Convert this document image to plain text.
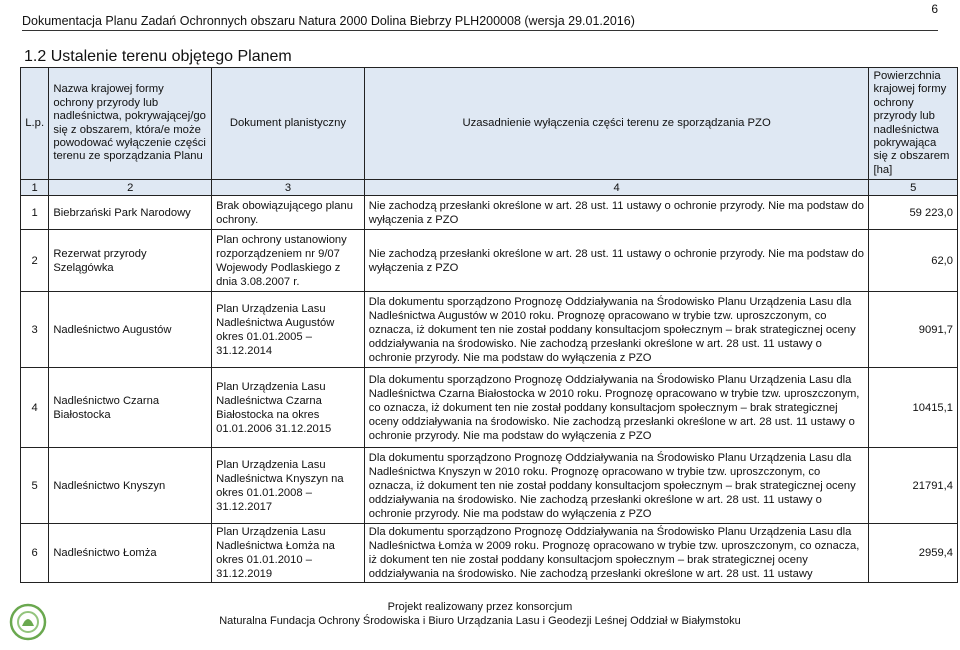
Dokumentacja Planu Zadań Ochronnych obszaru Natura 2000 Dolina Biebrzy PLH200008 (wersja 29.01.2016)
6
1.2 Ustalenie terenu objętego Planem
L.p.	Nazwa krajowej formy ochrony przyrody lub nadleśnictwa, pokrywającej/go się z obszarem, która/e może powodować wyłączenie części terenu ze sporządzania Planu	Dokument planistyczny	Uzasadnienie wyłączenia części terenu ze sporządzania PZO	Powierzchnia krajowej formy ochrony przyrody lub nadleśnictwa pokrywająca się z obszarem [ha]
1	2	3	4	5
1	Biebrzański Park Narodowy	Brak obowiązującego planu ochrony.	Nie zachodzą przesłanki określone w art. 28 ust. 11 ustawy o ochronie przyrody. Nie ma podstaw do wyłączenia z PZO	59 223,0
2	Rezerwat przyrody Szelągówka	Plan ochrony ustanowiony rozporządzeniem nr 9/07 Wojewody Podlaskiego z dnia 3.08.2007 r.	Nie zachodzą przesłanki określone w art. 28 ust. 11 ustawy o ochronie przyrody. Nie ma podstaw do wyłączenia z PZO	62,0
3	Nadleśnictwo Augustów	Plan Urządzenia Lasu Nadleśnictwa Augustów okres 01.01.2005 – 31.12.2014	Dla dokumentu sporządzono Prognozę Oddziaływania na Środowisko Planu Urządzenia Lasu dla Nadleśnictwa Augustów w 2010 roku. Prognozę opracowano w trybie tzw. uproszczonym, co oznacza, iż dokument ten nie został poddany konsultacjom społecznym – brak strategicznej oceny oddziaływania na środowisko. Nie zachodzą przesłanki określone w art. 28 ust. 11 ustawy o ochronie przyrody. Nie ma podstaw do wyłączenia z PZO	9091,7
4	Nadleśnictwo Czarna Białostocka	Plan Urządzenia Lasu Nadleśnictwa Czarna Białostocka na okres 01.01.2006 31.12.2015	Dla dokumentu sporządzono Prognozę Oddziaływania na Środowisko Planu Urządzenia Lasu dla Nadleśnictwa Czarna Białostocka w 2010 roku. Prognozę opracowano w trybie tzw. uproszczonym, co oznacza, iż dokument ten nie został poddany konsultacjom społecznym – brak strategicznej oceny oddziaływania na środowisko. Nie zachodzą przesłanki określone w art. 28 ust. 11 ustawy o ochronie przyrody. Nie ma podstaw do wyłączenia z PZO	10415,1
5	Nadleśnictwo Knyszyn	Plan Urządzenia Lasu Nadleśnictwa Knyszyn na okres 01.01.2008 – 31.12.2017	Dla dokumentu sporządzono Prognozę Oddziaływania na Środowisko Planu Urządzenia Lasu dla Nadleśnictwa Knyszyn w 2010 roku. Prognozę opracowano w trybie tzw. uproszczonym, co oznacza, iż dokument ten nie został poddany konsultacjom społecznym – brak strategicznej oceny oddziaływania na środowisko. Nie zachodzą przesłanki określone w art. 28 ust. 11 ustawy o ochronie przyrody. Nie ma podstaw do wyłączenia z PZO	21791,4
6	Nadleśnictwo Łomża	Plan Urządzenia Lasu Nadleśnictwa Łomża na okres 01.01.2010 – 31.12.2019	Dla dokumentu sporządzono Prognozę Oddziaływania na Środowisko Planu Urządzenia Lasu dla Nadleśnictwa Łomża w 2009 roku. Prognozę opracowano w trybie tzw. uproszczonym, co oznacza, iż dokument ten nie został poddany konsultacjom społecznym – brak strategicznej oceny oddziaływania na środowisko. Nie zachodzą przesłanki określone w art. 28 ust. 11 ustawy	2959,4
Projekt realizowany przez konsorcjum
Naturalna Fundacja Ochrony Środowiska i Biuro Urządzania Lasu i Geodezji Leśnej Oddział w Białymstoku
